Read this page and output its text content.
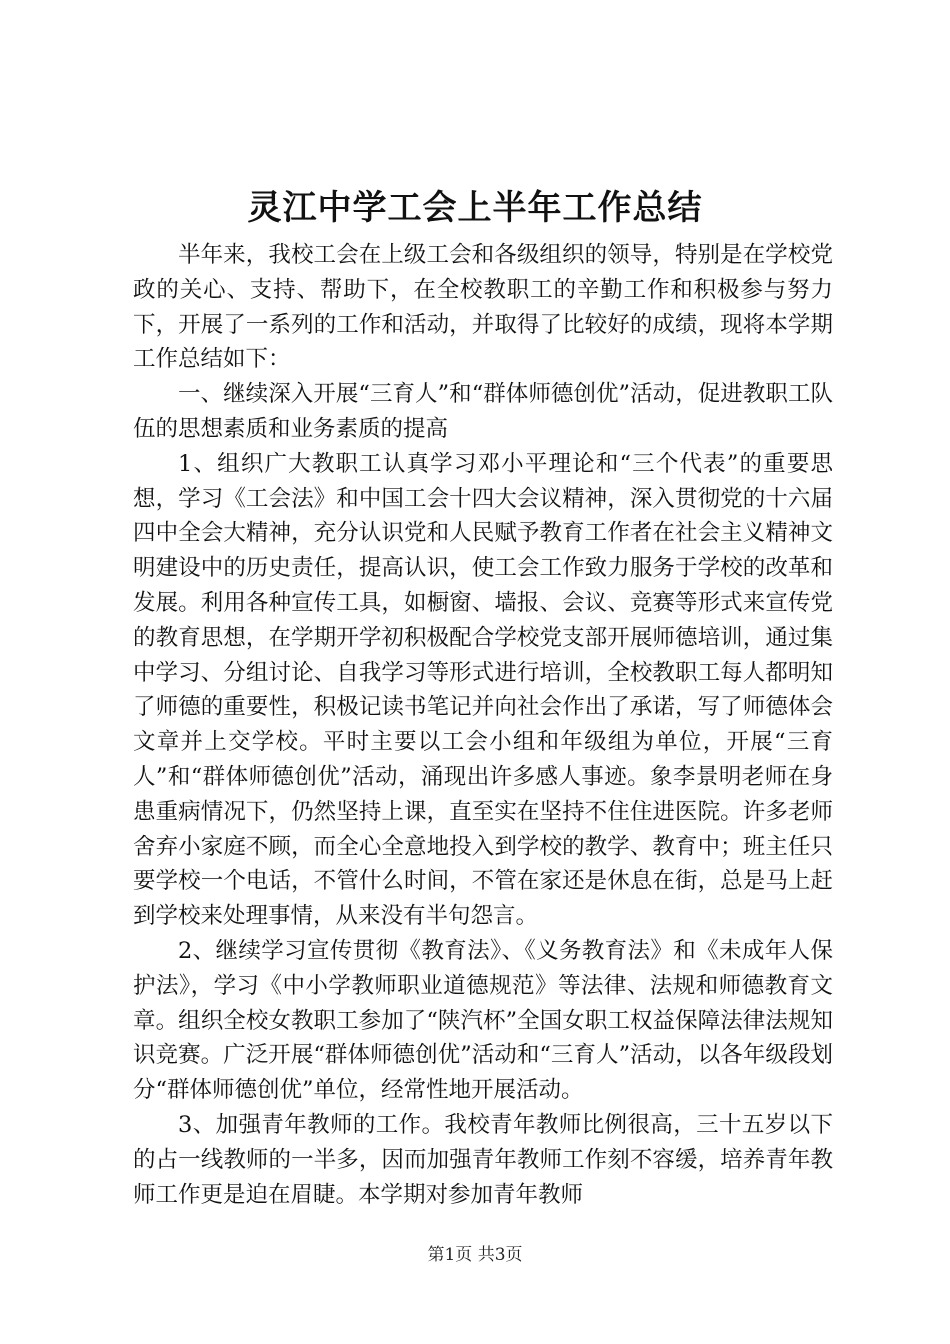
灵江中学工会上半年工作总结

半年来，我校工会在上级工会和各级组织的领导，特别是在学校党政的关心、支持、帮助下，在全校教职工的辛勤工作和积极参与努力下，开展了一系列的工作和活动，并取得了比较好的成绩，现将本学期工作总结如下：

一、继续深入开展“三育人”和“群体师德创优”活动，促进教职工队伍的思想素质和业务素质的提高

1、组织广大教职工认真学习邓小平理论和“三个代表”的重要思想，学习《工会法》和中国工会十四大会议精神，深入贯彻党的十六届四中全会大精神，充分认识党和人民赋予教育工作者在社会主义精神文明建设中的历史责任，提高认识，使工会工作致力服务于学校的改革和发展。利用各种宣传工具，如橱窗、墙报、会议、竞赛等形式来宣传党的教育思想，在学期开学初积极配合学校党支部开展师德培训，通过集中学习、分组讨论、自我学习等形式进行培训，全校教职工每人都明知了师德的重要性，积极记读书笔记并向社会作出了承诺，写了师德体会文章并上交学校。平时主要以工会小组和年级组为单位，开展“三育人”和“群体师德创优”活动，涌现出许多感人事迹。象李景明老师在身患重病情况下，仍然坚持上课，直至实在坚持不住住进医院。许多老师舍弃小家庭不顾，而全心全意地投入到学校的教学、教育中；班主任只要学校一个电话，不管什么时间，不管在家还是休息在街，总是马上赶到学校来处理事情，从来没有半句怨言。

2、继续学习宣传贯彻《教育法》、《义务教育法》和《未成年人保护法》，学习《中小学教师职业道德规范》等法律、法规和师德教育文章。组织全校女教职工参加了“陕汽杯”全国女职工权益保障法律法规知识竞赛。广泛开展“群体师德创优”活动和“三育人”活动，以各年级段划分“群体师德创优”单位，经常性地开展活动。

3、加强青年教师的工作。我校青年教师比例很高，三十五岁以下的占一线教师的一半多，因而加强青年教师工作刻不容缓，培养青年教师工作更是迫在眉睫。本学期对参加青年教师

第1页 共3页
